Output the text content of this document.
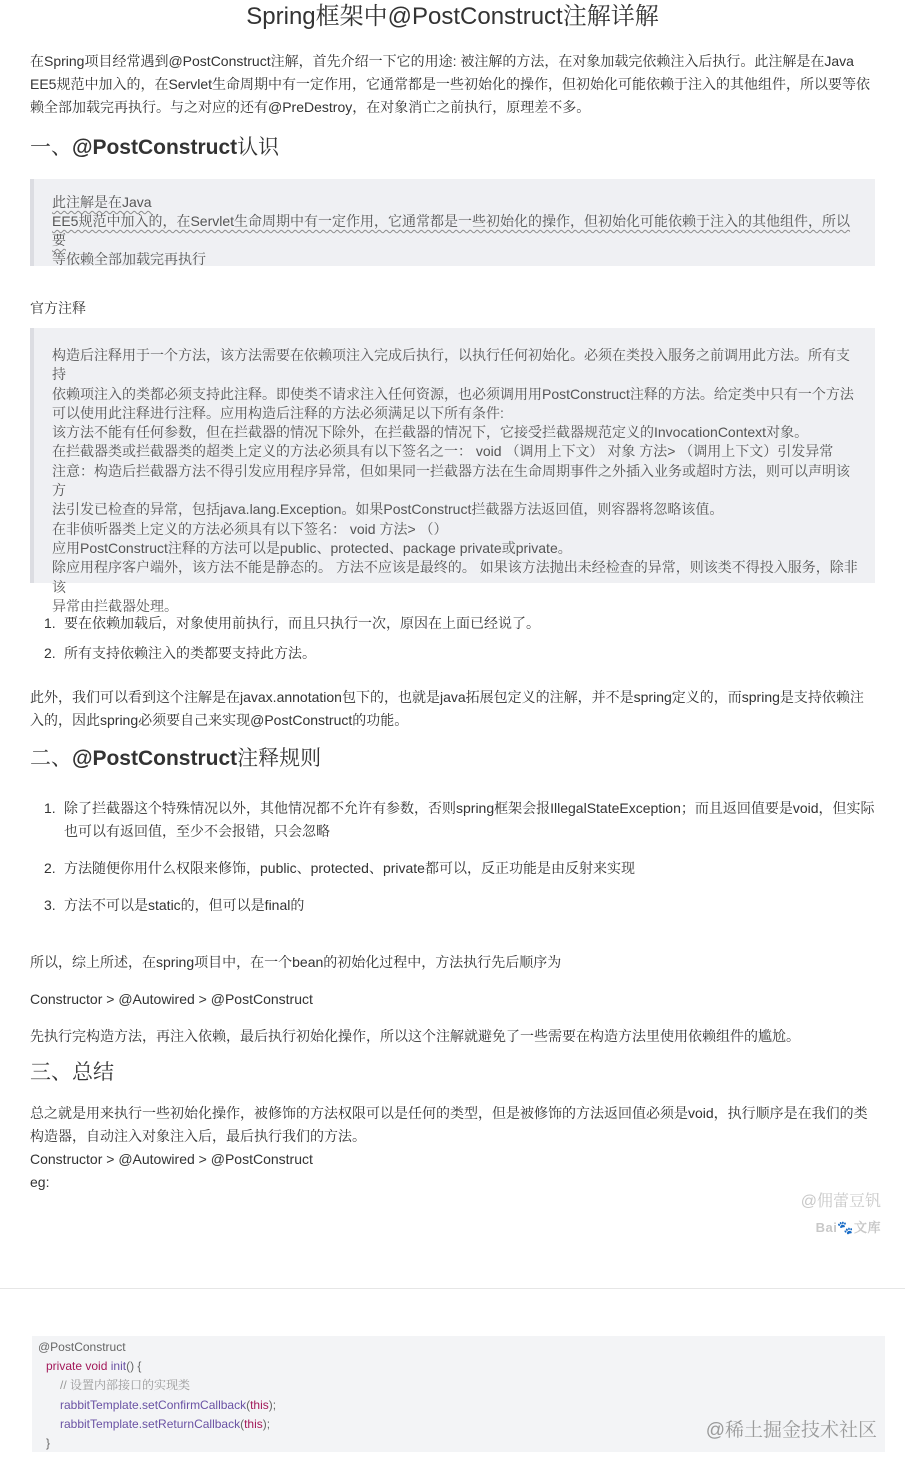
Spring框架中@PostConstruct注解详解

在Spring项目经常遇到@PostConstruct注解，首先介绍一下它的用途: 被注解的方法，在对象加载完依赖注入后执行。此注解是在Java EE5规范中加入的，在Servlet生命周期中有一定作用，它通常都是一些初始化的操作，但初始化可能依赖于注入的其他组件，所以要等依赖全部加载完再执行。与之对应的还有@PreDestroy，在对象消亡之前执行，原理差不多。

一、@PostConstruct认识
此注解是在Java
EE5规范中加入的，在Servlet生命周期中有一定作用，它通常都是一些初始化的操作，但初始化可能依赖于注入的其他组件，所以要
等依赖全部加载完再执行
官方注释
构造后注释用于一个方法，该方法需要在依赖项注入完成后执行，以执行任何初始化。必须在类投入服务之前调用此方法。所有支持
依赖项注入的类都必须支持此注释。即使类不请求注入任何资源，也必须调用用PostConstruct注释的方法。给定类中只有一个方法
可以使用此注释进行注释。应用构造后注释的方法必须满足以下所有条件:
该方法不能有任何参数，但在拦截器的情况下除外，在拦截器的情况下，它接受拦截器规范定义的InvocationContext对象。
在拦截器类或拦截器类的超类上定义的方法必须具有以下签名之一： void （调用上下文） 对象 方法> （调用上下文）引发异常
注意：构造后拦截器方法不得引发应用程序异常，但如果同一拦截器方法在生命周期事件之外插入业务或超时方法，则可以声明该方
法引发已检查的异常，包括java.lang.Exception。如果PostConstruct拦截器方法返回值，则容器将忽略该值。
在非侦听器类上定义的方法必须具有以下签名： void 方法> （）
应用PostConstruct注释的方法可以是public、protected、package private或private。
除应用程序客户端外，该方法不能是静态的。 方法不应该是最终的。 如果该方法抛出未经检查的异常，则该类不得投入服务，除非该
异常由拦截器处理。
1. 要在依赖加载后，对象使用前执行，而且只执行一次，原因在上面已经说了。
2. 所有支持依赖注入的类都要支持此方法。

此外，我们可以看到这个注解是在javax.annotation包下的，也就是java拓展包定义的注解，并不是spring定义的，而spring是支持依赖注入的，因此spring必须要自己来实现@PostConstruct的功能。

二、@PostConstruct注释规则
1. 除了拦截器这个特殊情况以外，其他情况都不允许有参数，否则spring框架会报IllegalStateException；而且返回值要是void，但实际也可以有返回值，至少不会报错，只会忽略
2. 方法随便你用什么权限来修饰，public、protected、private都可以，反正功能是由反射来实现
3. 方法不可以是static的，但可以是final的

所以，综上所述，在spring项目中，在一个bean的初始化过程中，方法执行先后顺序为

Constructor > @Autowired > @PostConstruct

先执行完构造方法，再注入依赖，最后执行初始化操作，所以这个注解就避免了一些需要在构造方法里使用依赖组件的尴尬。

三、总结

总之就是用来执行一些初始化操作，被修饰的方法权限可以是任何的类型，但是被修饰的方法返回值必须是void，执行顺序是在我们的类构造器，自动注入对象注入后，最后执行我们的方法。

Constructor > @Autowired > @PostConstruct

eg:

@佣蕾豆钒
Bai🐾文库
@PostConstruct
private void init() {
// 设置内部接口的实现类
rabbitTemplate.setConfirmCallback(this);
rabbitTemplate.setReturnCallback(this);
}
@稀土掘金技术社区
